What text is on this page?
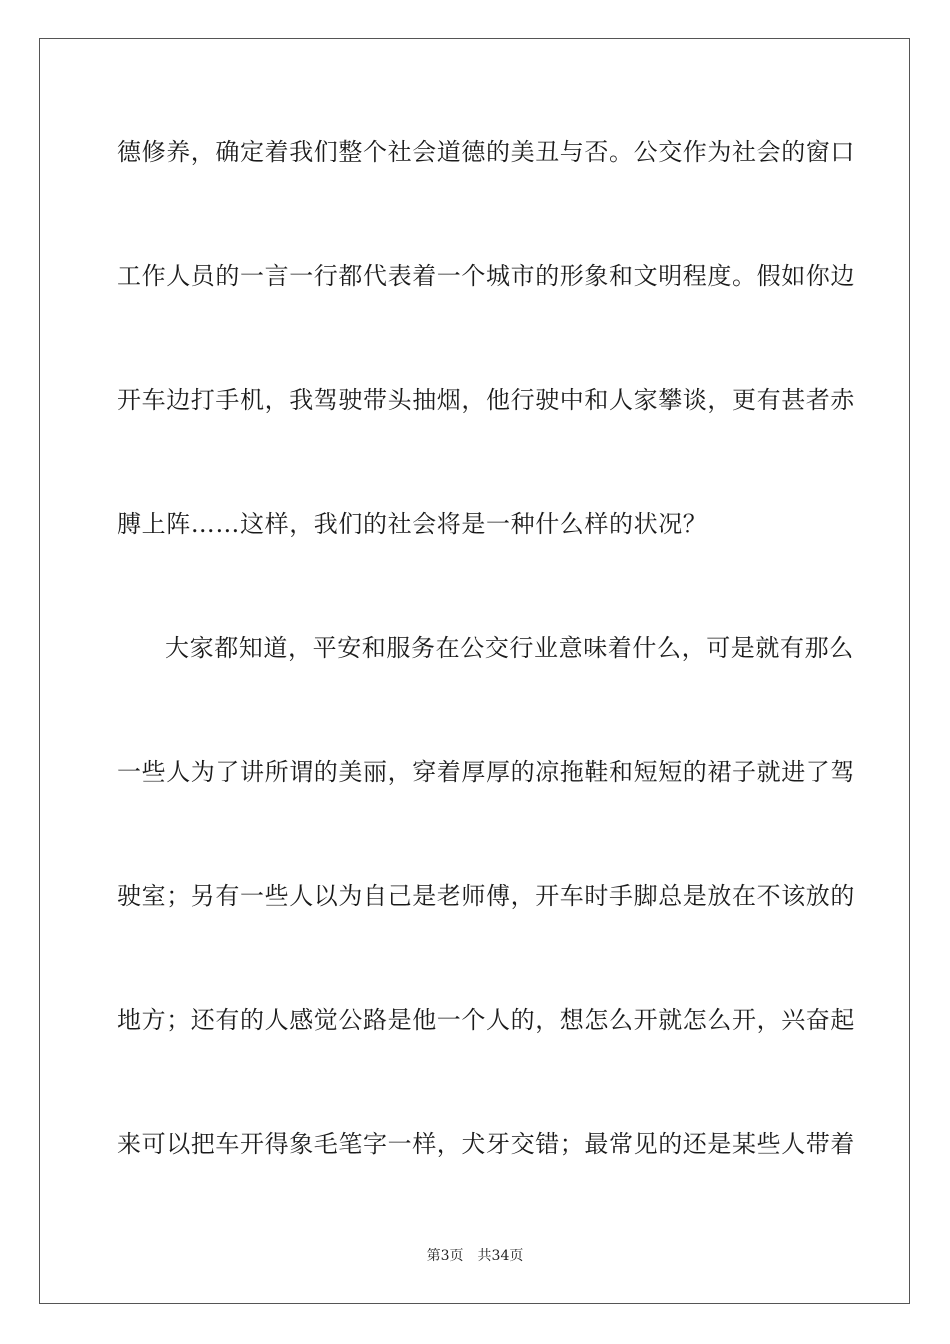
德修养，确定着我们整个社会道德的美丑与否。公交作为社会的窗口
工作人员的一言一行都代表着一个城市的形象和文明程度。假如你边
开车边打手机，我驾驶带头抽烟，他行驶中和人家攀谈，更有甚者赤
膊上阵……这样，我们的社会将是一种什么样的状况？
大家都知道，平安和服务在公交行业意味着什么，可是就有那么
一些人为了讲所谓的美丽，穿着厚厚的凉拖鞋和短短的裙子就进了驾
驶室；另有一些人以为自己是老师傅，开车时手脚总是放在不该放的
地方；还有的人感觉公路是他一个人的，想怎么开就怎么开，兴奋起
来可以把车开得象毛笔字一样，犬牙交错；最常见的还是某些人带着
第3页 共34页
